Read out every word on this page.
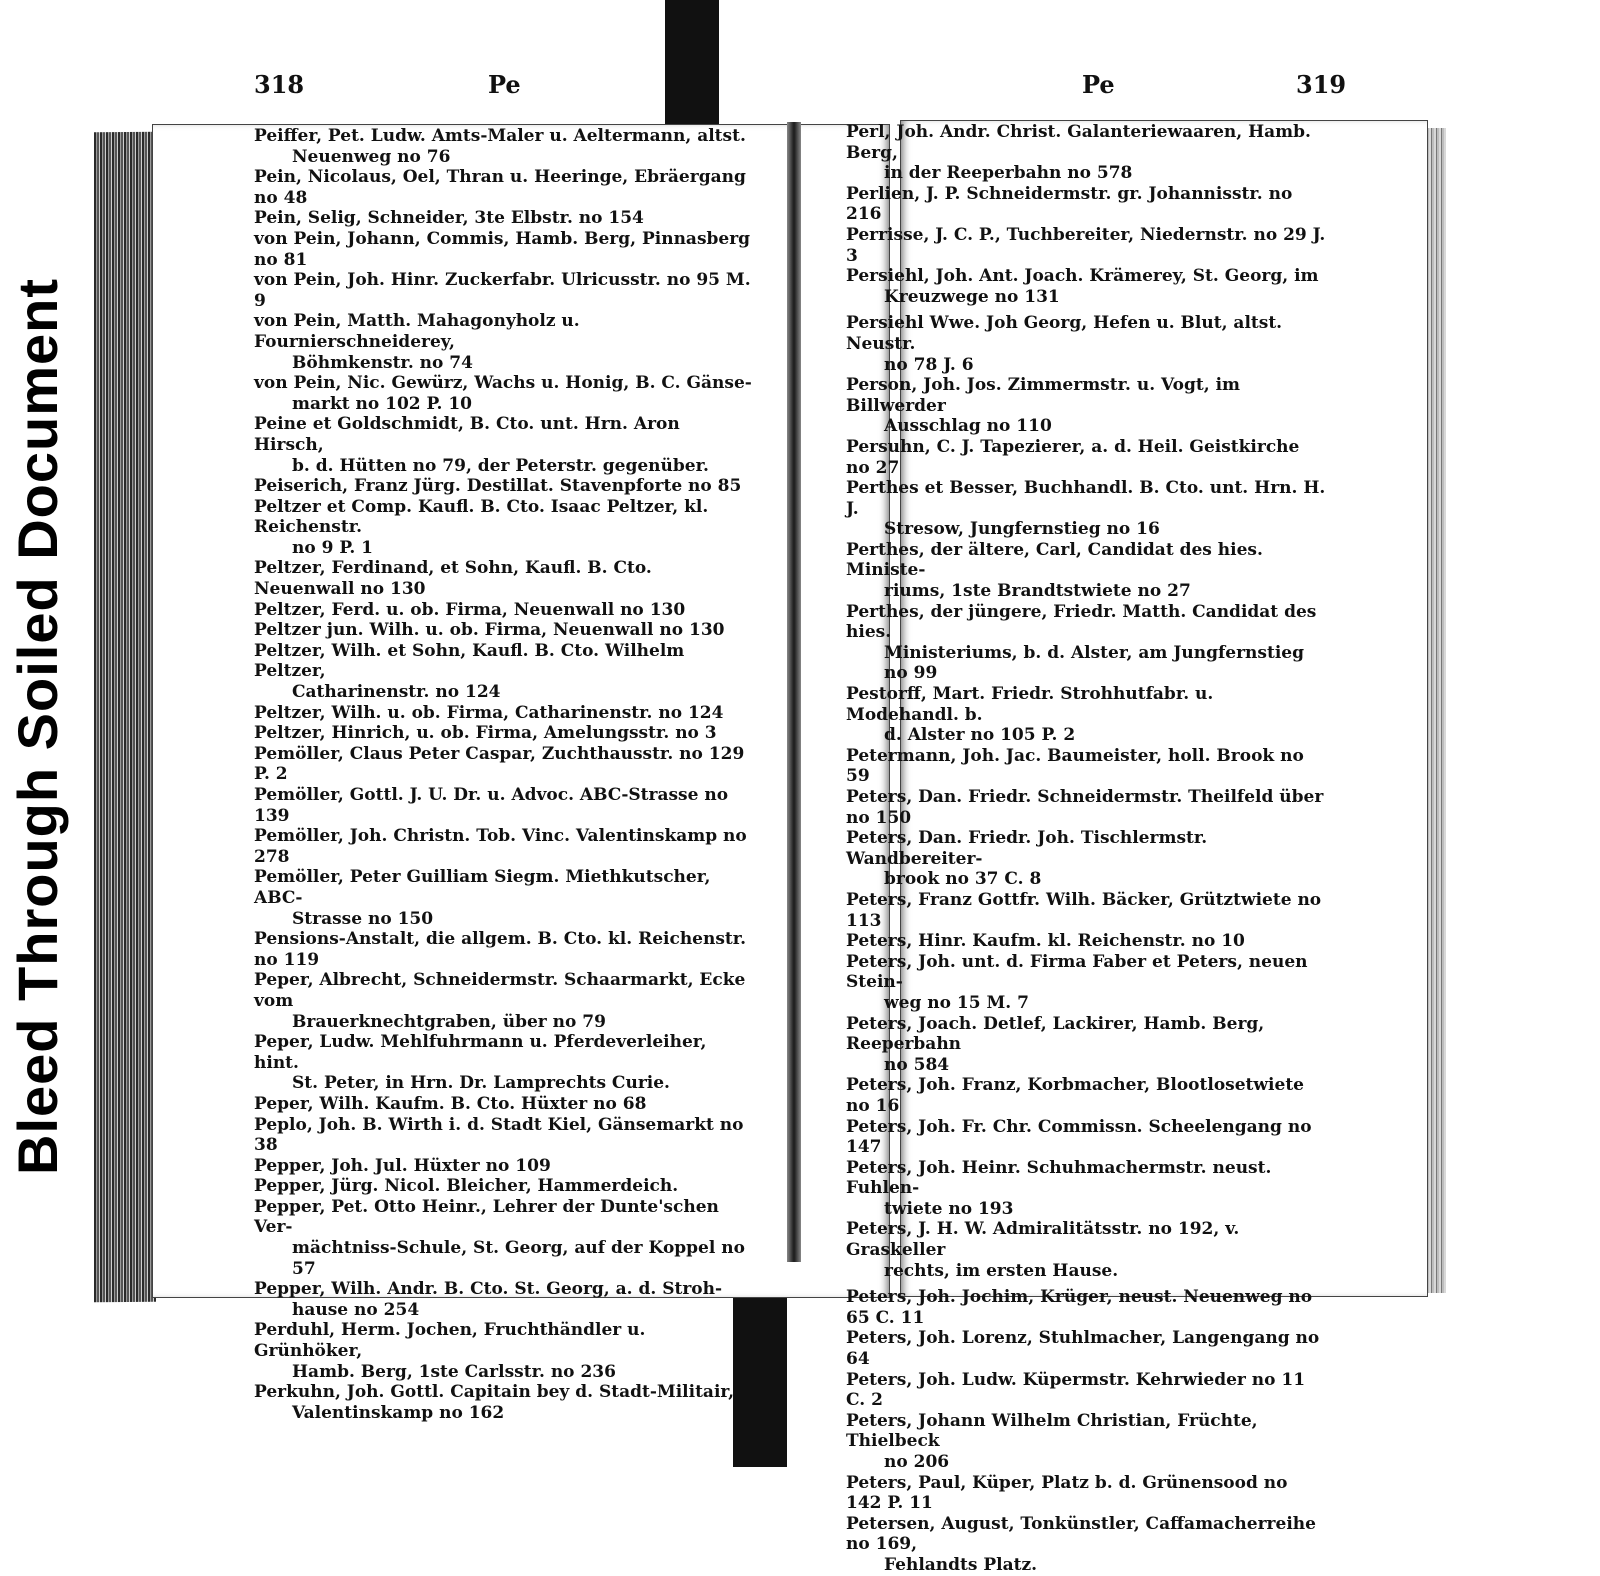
Bleed Through Soiled Document
318	Pe	Pe	319
Peiffer, Pet. Ludw. Amts-Maler u. Aeltermann, altst.
Neuenweg no 76
Pein, Nicolaus, Oel, Thran u. Heeringe, Ebräergang no 48
Pein, Selig, Schneider, 3te Elbstr. no 154
von Pein, Johann, Commis, Hamb. Berg, Pinnasberg no 81
von Pein, Joh. Hinr. Zuckerfabr. Ulricusstr. no 95 M. 9
von Pein, Matth. Mahagonyholz u. Fournierschneiderey,
Böhmkenstr. no 74
von Pein, Nic. Gewürz, Wachs u. Honig, B. C. Gänse-
markt no 102 P. 10
Peine et Goldschmidt, B. Cto. unt. Hrn. Aron Hirsch,
b. d. Hütten no 79, der Peterstr. gegenüber.
Peiserich, Franz Jürg. Destillat. Stavenpforte no 85
Peltzer et Comp. Kaufl. B. Cto. Isaac Peltzer, kl. Reichenstr.
no 9 P. 1
Peltzer, Ferdinand, et Sohn, Kaufl. B. Cto. Neuenwall no 130
Peltzer, Ferd. u. ob. Firma, Neuenwall no 130
Peltzer jun. Wilh. u. ob. Firma, Neuenwall no 130
Peltzer, Wilh. et Sohn, Kaufl. B. Cto. Wilhelm Peltzer,
Catharinenstr. no 124
Peltzer, Wilh. u. ob. Firma, Catharinenstr. no 124
Peltzer, Hinrich, u. ob. Firma, Amelungsstr. no 3
Pemöller, Claus Peter Caspar, Zuchthausstr. no 129 P. 2
Pemöller, Gottl. J. U. Dr. u. Advoc. ABC-Strasse no 139
Pemöller, Joh. Christn. Tob. Vinc. Valentinskamp no 278
Pemöller, Peter Guilliam Siegm. Miethkutscher, ABC-
Strasse no 150
Pensions-Anstalt, die allgem. B. Cto. kl. Reichenstr. no 119
Peper, Albrecht, Schneidermstr. Schaarmarkt, Ecke vom
Brauerknechtgraben, über no 79
Peper, Ludw. Mehlfuhrmann u. Pferdeverleiher, hint.
St. Peter, in Hrn. Dr. Lamprechts Curie.
Peper, Wilh. Kaufm. B. Cto. Hüxter no 68
Peplo, Joh. B. Wirth i. d. Stadt Kiel, Gänsemarkt no 38
Pepper, Joh. Jul. Hüxter no 109
Pepper, Jürg. Nicol. Bleicher, Hammerdeich.
Pepper, Pet. Otto Heinr., Lehrer der Dunte'schen Ver-
mächtniss-Schule, St. Georg, auf der Koppel no 57
Pepper, Wilh. Andr. B. Cto. St. Georg, a. d. Stroh-
hause no 254
Perduhl, Herm. Jochen, Fruchthändler u. Grünhöker,
Hamb. Berg, 1ste Carlsstr. no 236
Perkuhn, Joh. Gottl. Capitain bey d. Stadt-Militair,
Valentinskamp no 162
Perl, Joh. Andr. Christ. Galanteriewaaren, Hamb. Berg,
in der Reeperbahn no 578
Perlien, J. P. Schneidermstr. gr. Johannisstr. no 216
Perrisse, J. C. P., Tuchbereiter, Niedernstr. no 29 J. 3
Persiehl, Joh. Ant. Joach. Krämerey, St. Georg, im
Kreuzwege no 131
Persiehl Wwe. Joh Georg, Hefen u. Blut, altst. Neustr.
no 78 J. 6
Person, Joh. Jos. Zimmermstr. u. Vogt, im Billwerder
Ausschlag no 110
Persuhn, C. J. Tapezierer, a. d. Heil. Geistkirche no 27
Perthes et Besser, Buchhandl. B. Cto. unt. Hrn. H. J.
Stresow, Jungfernstieg no 16
Perthes, der ältere, Carl, Candidat des hies. Ministe-
riums, 1ste Brandtstwiete no 27
Perthes, der jüngere, Friedr. Matth. Candidat des hies.
Ministeriums, b. d. Alster, am Jungfernstieg no 99
Pestorff, Mart. Friedr. Strohhutfabr. u. Modehandl. b.
d. Alster no 105 P. 2
Petermann, Joh. Jac. Baumeister, holl. Brook no 59
Peters, Dan. Friedr. Schneidermstr. Theilfeld über no 150
Peters, Dan. Friedr. Joh. Tischlermstr. Wandbereiter-
brook no 37 C. 8
Peters, Franz Gottfr. Wilh. Bäcker, Grütztwiete no 113
Peters, Hinr. Kaufm. kl. Reichenstr. no 10
Peters, Joh. unt. d. Firma Faber et Peters, neuen Stein-
weg no 15 M. 7
Peters, Joach. Detlef, Lackirer, Hamb. Berg, Reeperbahn
no 584
Peters, Joh. Franz, Korbmacher, Blootlosetwiete no 16
Peters, Joh. Fr. Chr. Commissn. Scheelengang no 147
Peters, Joh. Heinr. Schuhmachermstr. neust. Fuhlen-
twiete no 193
Peters, J. H. W. Admiralitätsstr. no 192, v. Graskeller
rechts, im ersten Hause.
Peters, Joh. Jochim, Krüger, neust. Neuenweg no 65 C. 11
Peters, Joh. Lorenz, Stuhlmacher, Langengang no 64
Peters, Joh. Ludw. Küpermstr. Kehrwieder no 11 C. 2
Peters, Johann Wilhelm Christian, Früchte, Thielbeck
no 206
Peters, Paul, Küper, Platz b. d. Grünensood no 142 P. 11
Petersen, August, Tonkünstler, Caffamacherreihe no 169,
Fehlandts Platz.
